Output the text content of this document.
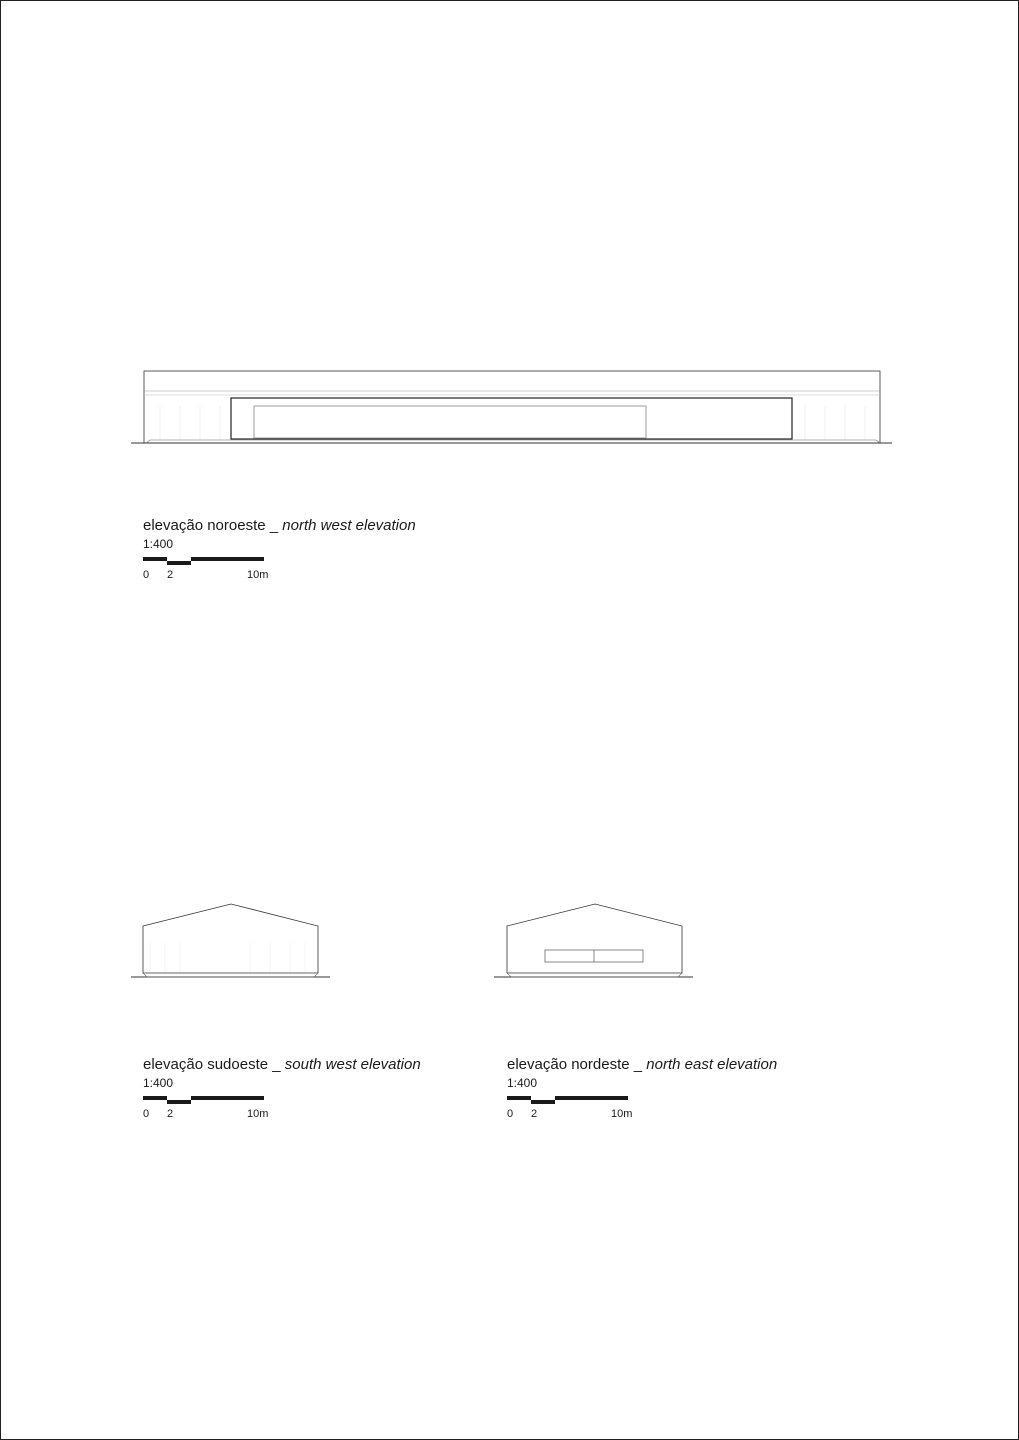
elevação noroeste _ north west elevation
1:400
0 2	10m
elevação sudoeste _ south west elevation
1:400
0 2	10m
elevação nordeste _ north east elevation
1:400
0 2	10m
